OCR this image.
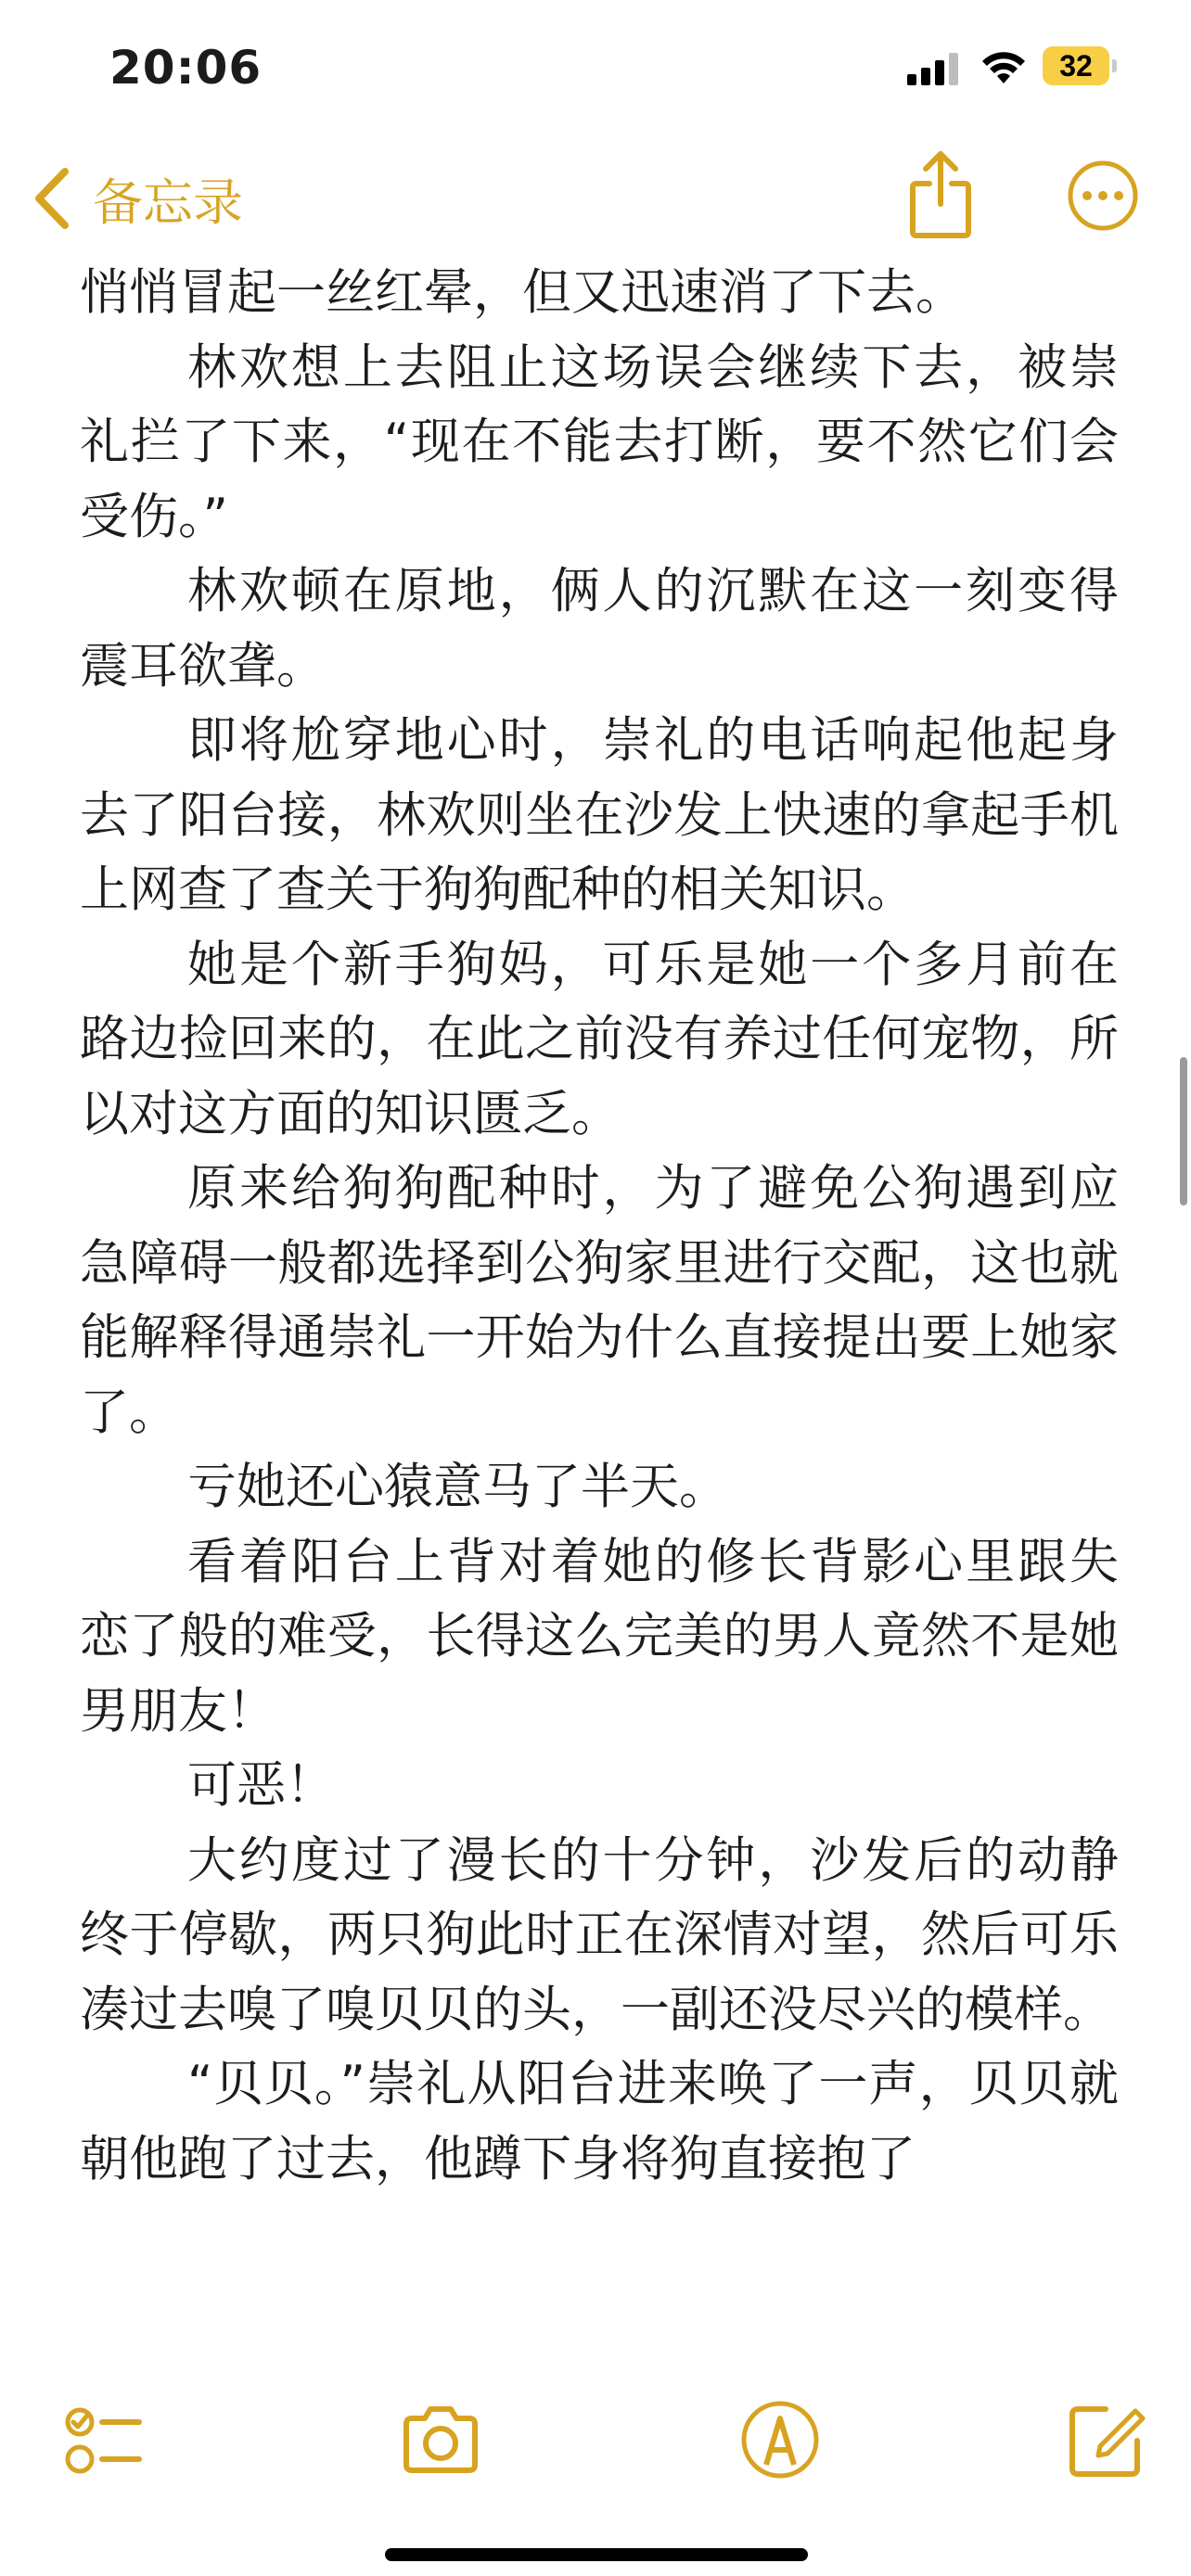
20:06	32

悄悄冒起一丝红晕，但又迅速消了下去。

林欢想上去阻止这场误会继续下去，被崇礼拦了下来，“现在不能去打断，要不然它们会受伤。”

林欢顿在原地，俩人的沉默在这一刻变得震耳欲聋。

即将尬穿地心时，崇礼的电话响起他起身去了阳台接，林欢则坐在沙发上快速的拿起手机上网查了查关于狗狗配种的相关知识。

她是个新手狗妈，可乐是她一个多月前在路边捡回来的，在此之前没有养过任何宠物，所以对这方面的知识匮乏。

原来给狗狗配种时，为了避免公狗遇到应急障碍一般都选择到公狗家里进行交配，这也就能解释得通崇礼一开始为什么直接提出要上她家了。

亏她还心猿意马了半天。

看着阳台上背对着她的修长背影心里跟失恋了般的难受，长得这么完美的男人竟然不是她男朋友！

可恶！

大约度过了漫长的十分钟，沙发后的动静终于停歇，两只狗此时正在深情对望，然后可乐凑过去嗅了嗅贝贝的头，一副还没尽兴的模样。

“贝贝。”崇礼从阳台进来唤了一声，贝贝就朝他跑了过去，他蹲下身将狗直接抱了

备忘录
